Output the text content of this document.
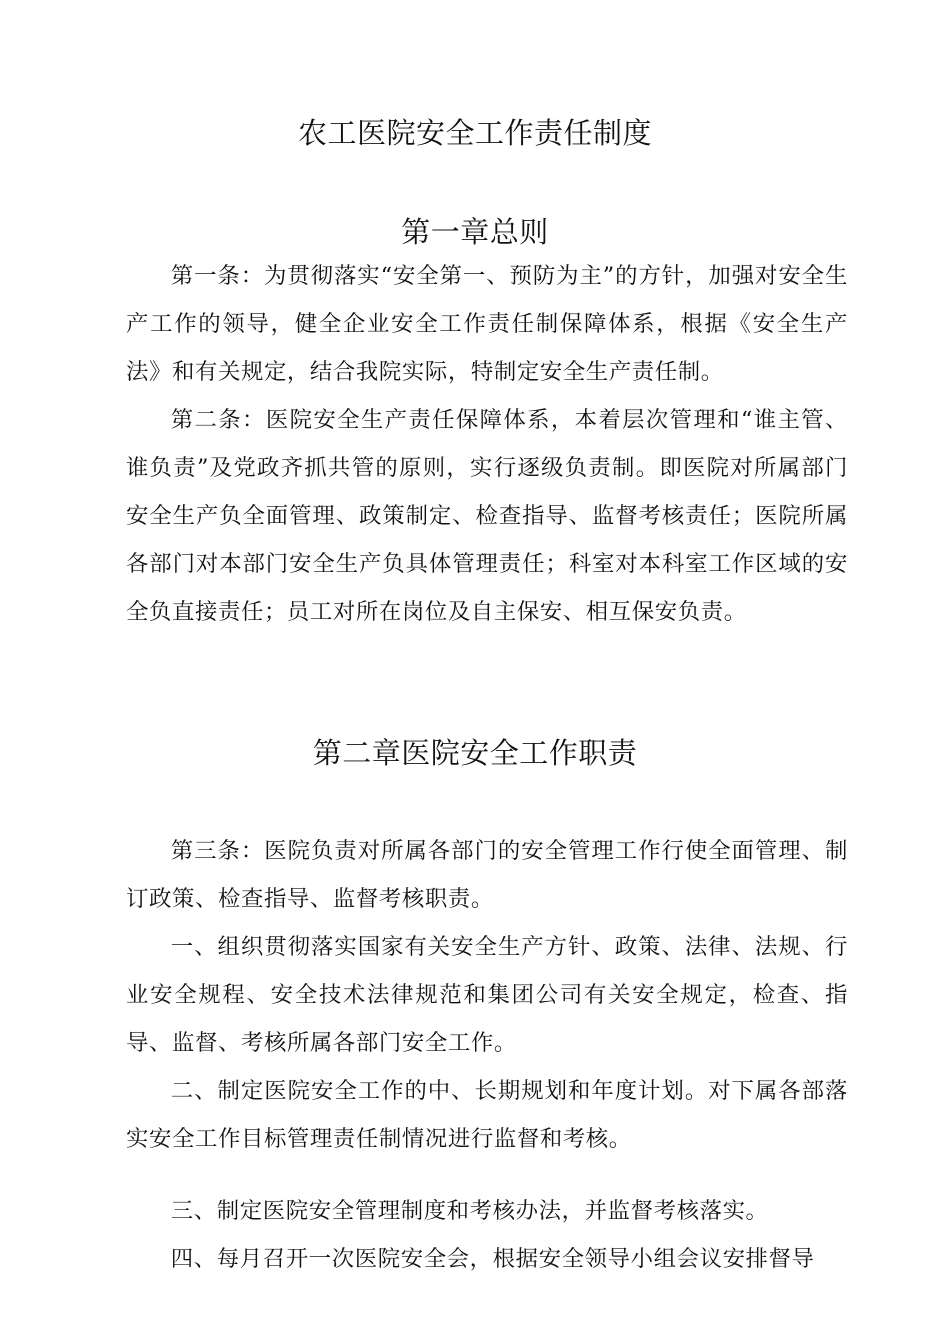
农工医院安全工作责任制度
第一章总则
第一条：为贯彻落实“安全第一、预防为主”的方针，加强对安全生产工作的领导，健全企业安全工作责任制保障体系，根据《安全生产法》和有关规定，结合我院实际，特制定安全生产责任制。
第二条：医院安全生产责任保障体系，本着层次管理和“谁主管、谁负责”及党政齐抓共管的原则，实行逐级负责制。即医院对所属部门安全生产负全面管理、政策制定、检查指导、监督考核责任；医院所属各部门对本部门安全生产负具体管理责任；科室对本科室工作区域的安全负直接责任；员工对所在岗位及自主保安、相互保安负责。
第二章医院安全工作职责
第三条：医院负责对所属各部门的安全管理工作行使全面管理、制订政策、检查指导、监督考核职责。
一、组织贯彻落实国家有关安全生产方针、政策、法律、法规、行业安全规程、安全技术法律规范和集团公司有关安全规定，检查、指导、监督、考核所属各部门安全工作。
二、制定医院安全工作的中、长期规划和年度计划。对下属各部落实安全工作目标管理责任制情况进行监督和考核。
三、制定医院安全管理制度和考核办法，并监督考核落实。
四、每月召开一次医院安全会，根据安全领导小组会议安排督导
